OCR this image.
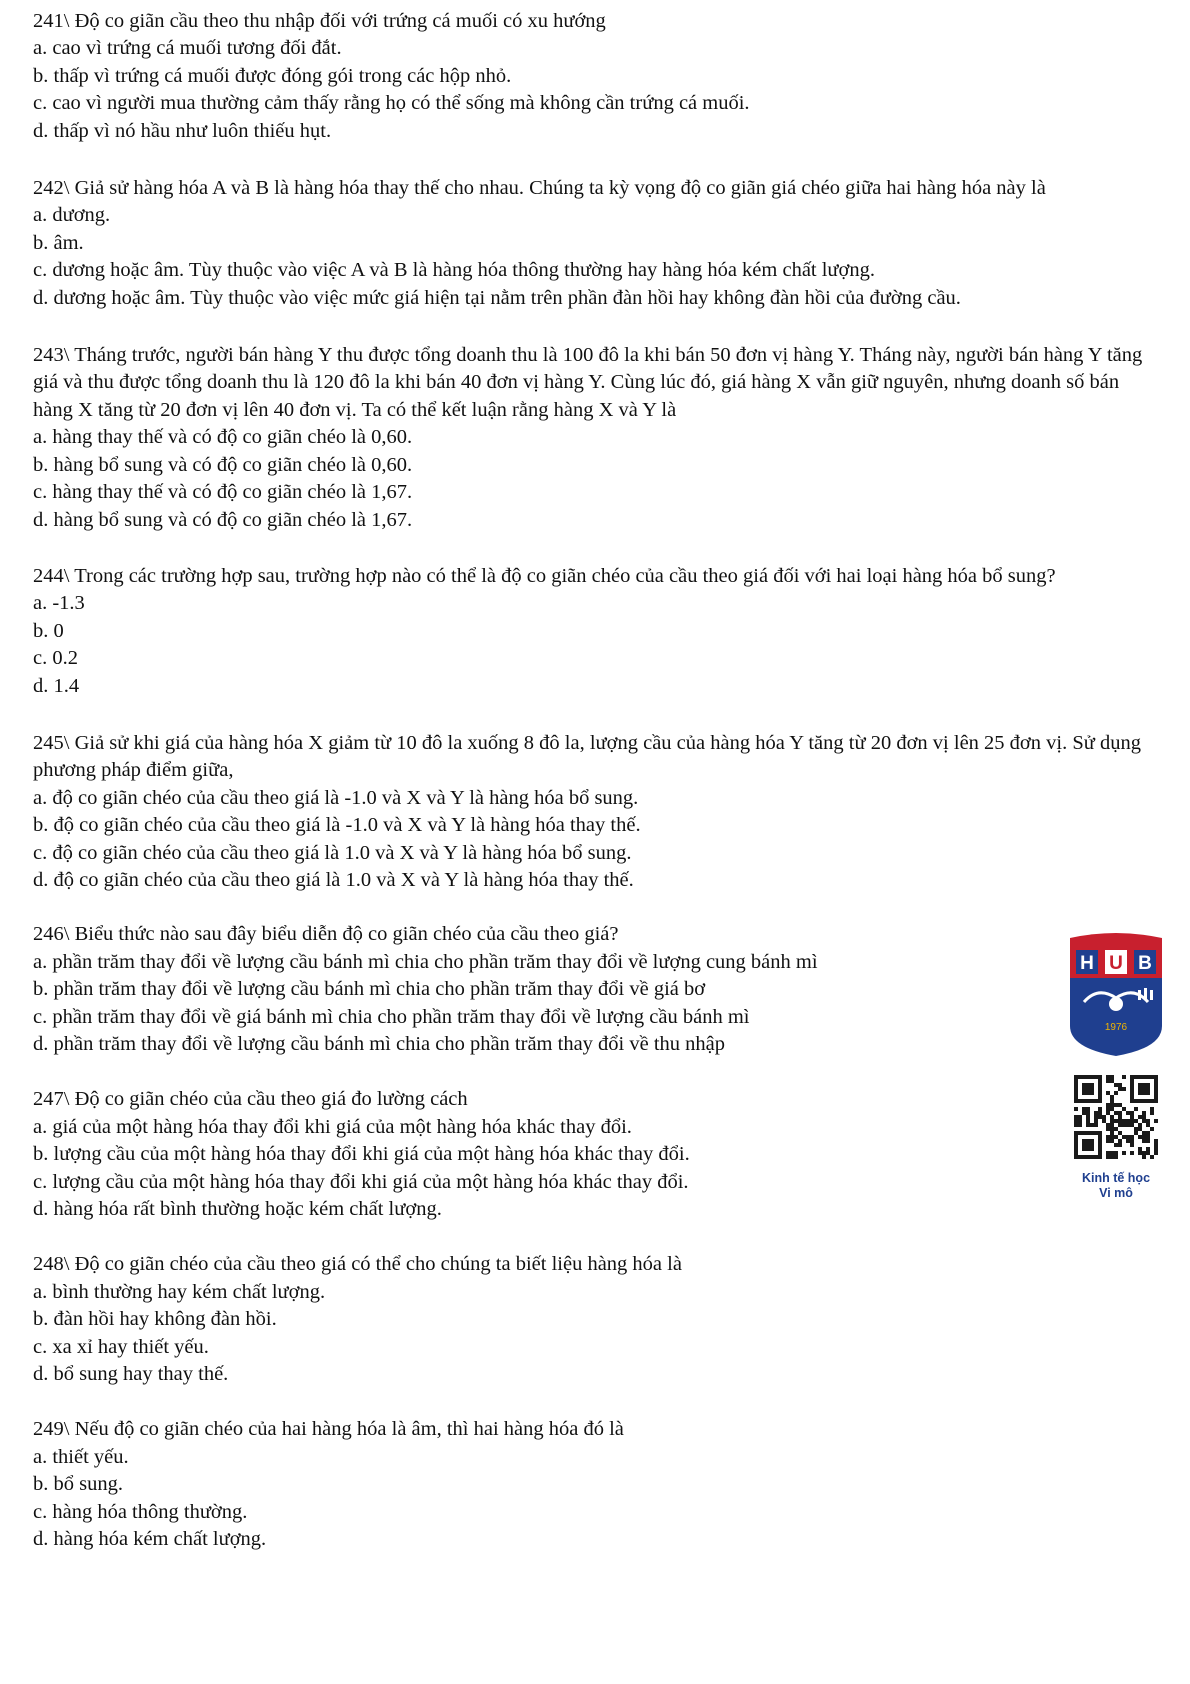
241\ Độ co giãn cầu theo thu nhập đối với trứng cá muối có xu hướng

a. cao vì trứng cá muối tương đối đắt.

b. thấp vì trứng cá muối được đóng gói trong các hộp nhỏ.

c. cao vì người mua thường cảm thấy rằng họ có thể sống mà không cần trứng cá muối.

d. thấp vì nó hầu như luôn thiếu hụt.

242\ Giả sử hàng hóa A và B là hàng hóa thay thế cho nhau. Chúng ta kỳ vọng độ co giãn giá chéo giữa hai hàng hóa này là

a. dương.

b. âm.

c. dương hoặc âm. Tùy thuộc vào việc A và B là hàng hóa thông thường hay hàng hóa kém chất lượng.

d. dương hoặc âm. Tùy thuộc vào việc mức giá hiện tại nằm trên phần đàn hồi hay không đàn hồi của đường cầu.

243\ Tháng trước, người bán hàng Y thu được tổng doanh thu là 100 đô la khi bán 50 đơn vị hàng Y. Tháng này, người bán hàng Y tăng giá và thu được tổng doanh thu là 120 đô la khi bán 40 đơn vị hàng Y. Cùng lúc đó, giá hàng X vẫn giữ nguyên, nhưng doanh số bán hàng X tăng từ 20 đơn vị lên 40 đơn vị. Ta có thể kết luận rằng hàng X và Y là

a. hàng thay thế và có độ co giãn chéo là 0,60.

b. hàng bổ sung và có độ co giãn chéo là 0,60.

c. hàng thay thế và có độ co giãn chéo là 1,67.

d. hàng bổ sung và có độ co giãn chéo là 1,67.

244\ Trong các trường hợp sau, trường hợp nào có thể là độ co giãn chéo của cầu theo giá đối với hai loại hàng hóa bổ sung?

a. -1.3

b. 0

c. 0.2

d. 1.4

245\ Giả sử khi giá của hàng hóa X giảm từ 10 đô la xuống 8 đô la, lượng cầu của hàng hóa Y tăng từ 20 đơn vị lên 25 đơn vị. Sử dụng phương pháp điểm giữa,

a. độ co giãn chéo của cầu theo giá là -1.0 và X và Y là hàng hóa bổ sung.

b. độ co giãn chéo của cầu theo giá là -1.0 và X và Y là hàng hóa thay thế.

c. độ co giãn chéo của cầu theo giá là 1.0 và X và Y là hàng hóa bổ sung.

d. độ co giãn chéo của cầu theo giá là 1.0 và X và Y là hàng hóa thay thế.

246\ Biểu thức nào sau đây biểu diễn độ co giãn chéo của cầu theo giá?

a. phần trăm thay đổi về lượng cầu bánh mì chia cho phần trăm thay đổi về lượng cung bánh mì

b. phần trăm thay đổi về lượng cầu bánh mì chia cho phần trăm thay đổi về giá bơ

c. phần trăm thay đổi về giá bánh mì chia cho phần trăm thay đổi về lượng cầu bánh mì

d. phần trăm thay đổi về lượng cầu bánh mì chia cho phần trăm thay đổi về thu nhập

247\ Độ co giãn chéo của cầu theo giá đo lường cách

a. giá của một hàng hóa thay đổi khi giá của một hàng hóa khác thay đổi.

b. lượng cầu của một hàng hóa thay đổi khi giá của một hàng hóa khác thay đổi.

c. lượng cầu của một hàng hóa thay đổi khi giá của một hàng hóa khác thay đổi.

d. hàng hóa rất bình thường hoặc kém chất lượng.

248\ Độ co giãn chéo của cầu theo giá có thể cho chúng ta biết liệu hàng hóa là

a. bình thường hay kém chất lượng.

b. đàn hồi hay không đàn hồi.

c. xa xỉ hay thiết yếu.

d. bổ sung hay thay thế.

249\ Nếu độ co giãn chéo của hai hàng hóa là âm, thì hai hàng hóa đó là

a. thiết yếu.

b. bổ sung.

c. hàng hóa thông thường.

d. hàng hóa kém chất lượng.

H U B
1976
Kinh tế học
Vi mô
